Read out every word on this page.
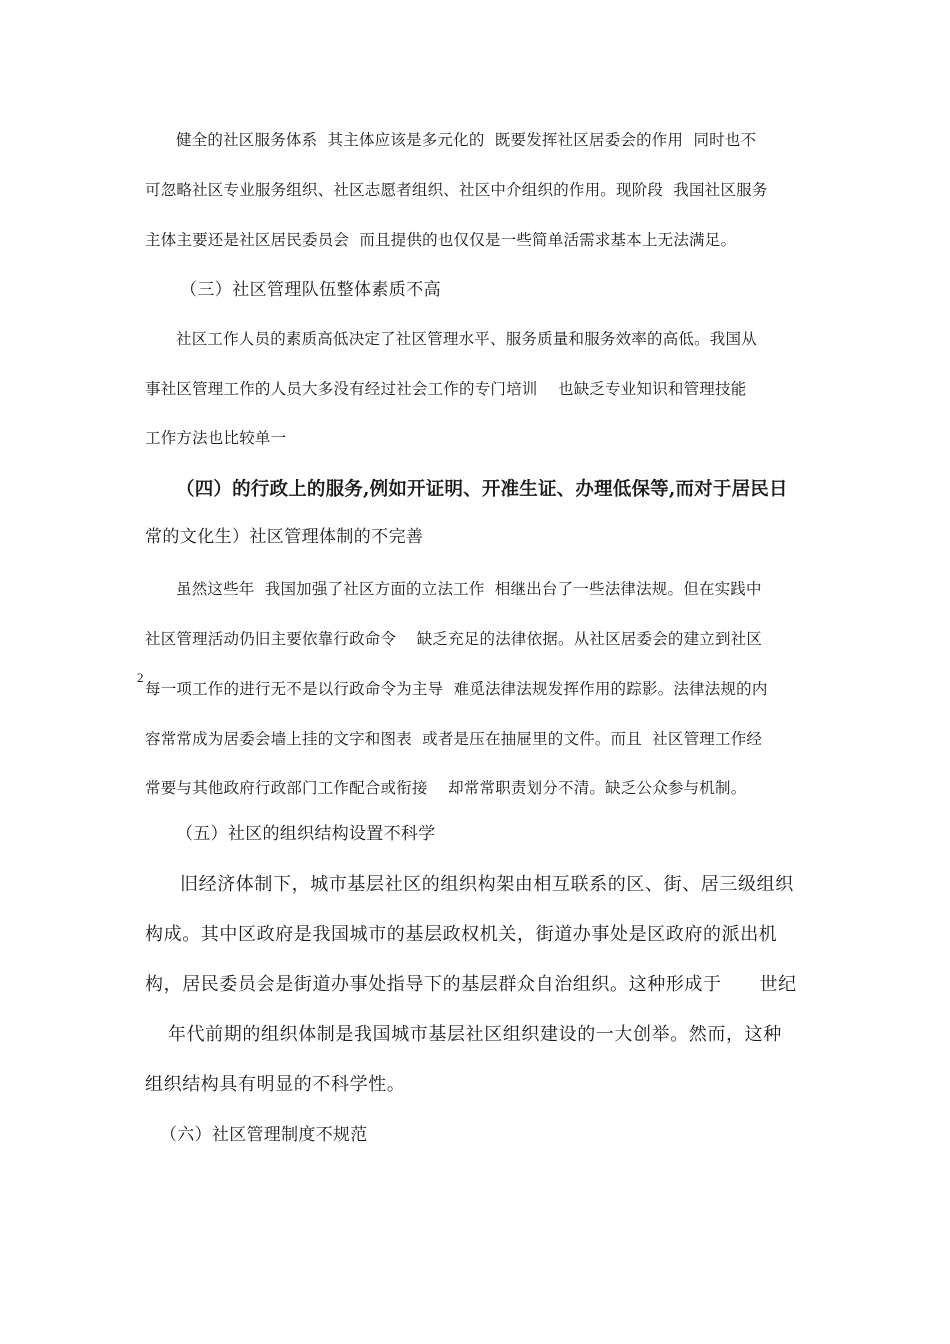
健全的社区服务体系  其主体应该是多元化的  既要发挥社区居委会的作用  同时也不

可忽略社区专业服务组织、社区志愿者组织、社区中介组织的作用。现阶段  我国社区服务

主体主要还是社区居民委员会  而且提供的也仅仅是一些简单活需求基本上无法满足。

（三）社区管理队伍整体素质不高

社区工作人员的素质高低决定了社区管理水平、服务质量和服务效率的高低。我国从

事社区管理工作的人员大多没有经过社会工作的专门培训    也缺乏专业知识和管理技能

工作方法也比较单一

（四）的行政上的服务,例如开证明、开准生证、办理低保等,而对于居民日

常的文化生）社区管理体制的不完善

虽然这些年  我国加强了社区方面的立法工作  相继出台了一些法律法规。但在实践中

社区管理活动仍旧主要依靠行政命令    缺乏充足的法律依据。从社区居委会的建立到社区

2

每一项工作的进行无不是以行政命令为主导  难觅法律法规发挥作用的踪影。法律法规的内

容常常成为居委会墙上挂的文字和图表  或者是压在抽屉里的文件。而且  社区管理工作经

常要与其他政府行政部门工作配合或衔接    却常常职责划分不清。缺乏公众参与机制。

（五）社区的组织结构设置不科学

旧经济体制下，城市基层社区的组织构架由相互联系的区、街、居三级组织

构成。其中区政府是我国城市的基层政权机关，街道办事处是区政府的派出机

构，居民委员会是街道办事处指导下的基层群众自治组织。这种形成于      世纪

年代前期的组织体制是我国城市基层社区组织建设的一大创举。然而，这种

组织结构具有明显的不科学性。

（六）社区管理制度不规范
